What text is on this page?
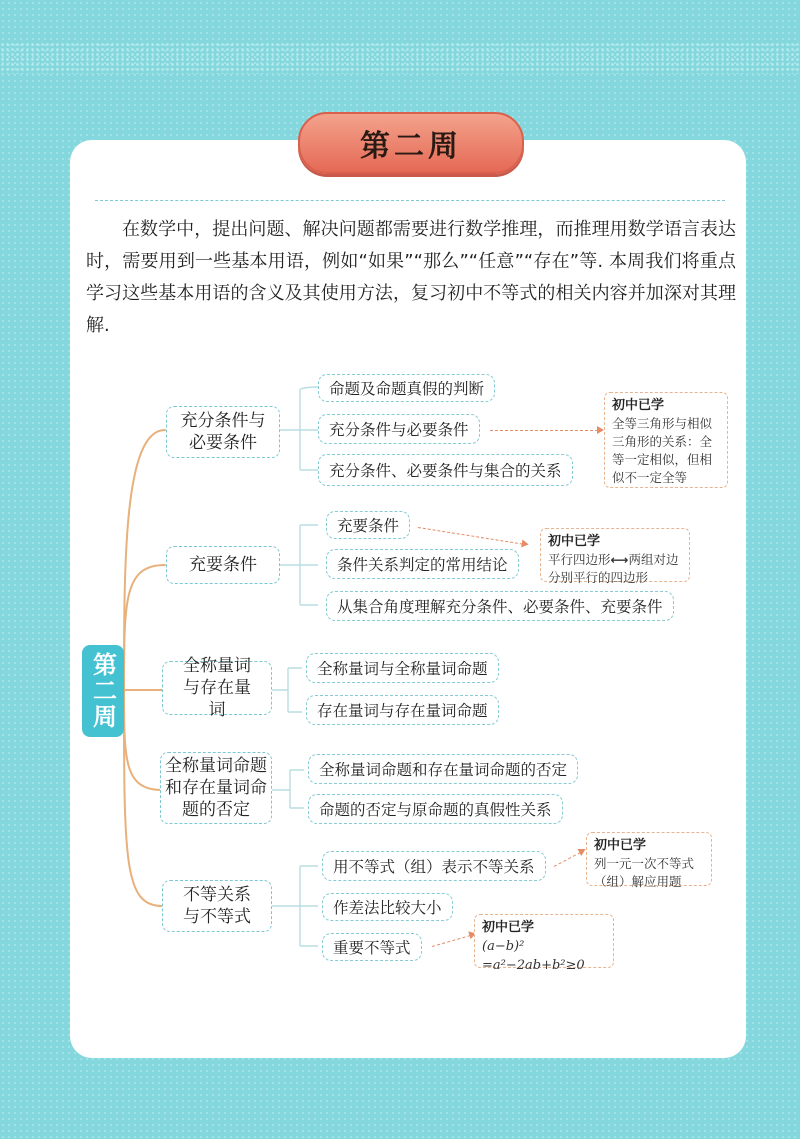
第二周

在数学中，提出问题、解决问题都需要进行数学推理，而推理用数学语言表达时，需要用到一些基本用语，例如“如果”“那么”“任意”“存在”等. 本周我们将重点学习这些基本用语的含义及其使用方法，复习初中不等式的相关内容并加深对其理解.

第二周
充分条件与必要条件
充要条件
全称量词与存在量词
全称量词命题和存在量词命题的否定
不等关系与不等式
命题及命题真假的判断
充分条件与必要条件
充分条件、必要条件与集合的关系
充要条件
条件关系判定的常用结论
从集合角度理解充分条件、必要条件、充要条件
全称量词与全称量词命题
存在量词与存在量词命题
全称量词命题和存在量词命题的否定
命题的否定与原命题的真假性关系
用不等式（组）表示不等关系
作差法比较大小
重要不等式
初中已学
全等三角形与相似三角形的关系：全等一定相似，但相似不一定全等
初中已学
平行四边形⟷两组对边分别平行的四边形
初中已学
列一元一次不等式（组）解应用题
初中已学
(a−b)² =a²−2ab+b²≥0
